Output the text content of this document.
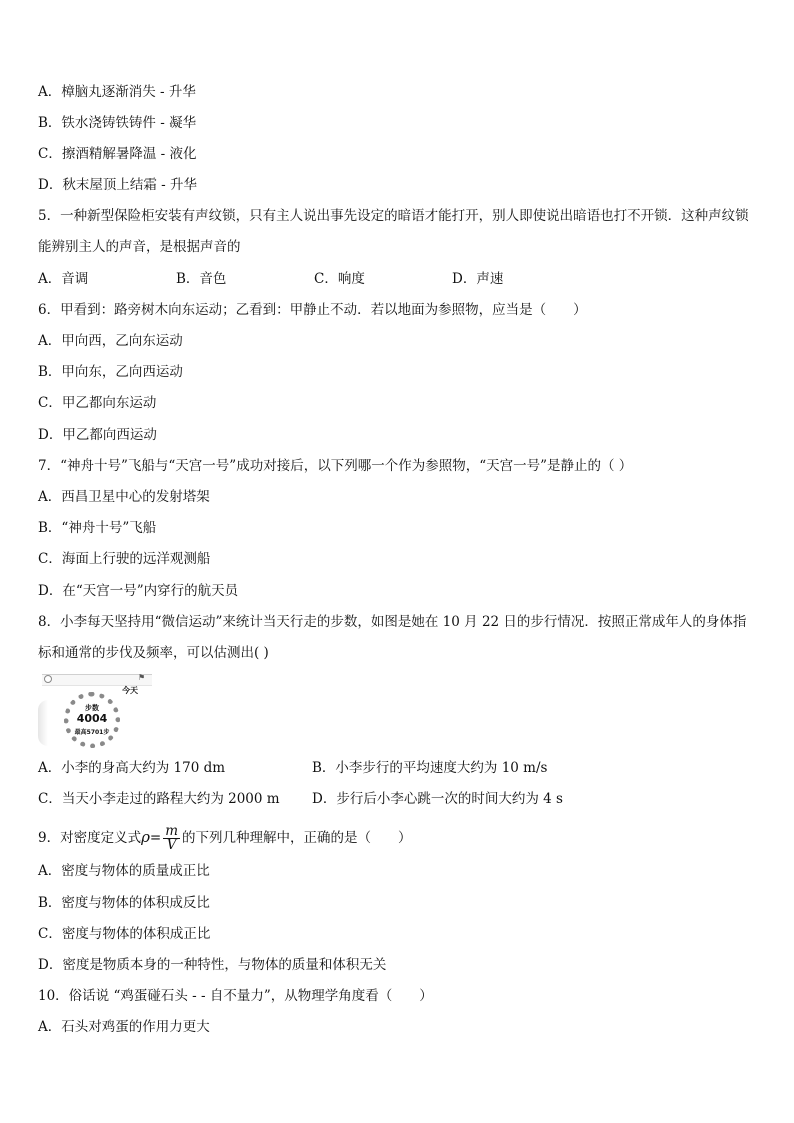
A．樟脑丸逐渐消失 - 升华
B．铁水浇铸铁铸件 - 凝华
C．擦酒精解暑降温 - 液化
D．秋末屋顶上结霜 - 升华
5．一种新型保险柜安装有声纹锁，只有主人说出事先设定的暗语才能打开，别人即使说出暗语也打不开锁．这种声纹锁能辨别主人的声音，是根据声音的
A．音调	B．音色	C．响度	D．声速
6．甲看到：路旁树木向东运动；乙看到：甲静止不动．若以地面为参照物，应当是（　　）
A．甲向西，乙向东运动
B．甲向东，乙向西运动
C．甲乙都向东运动
D．甲乙都向西运动
7．“神舟十号”飞船与“天宫一号”成功对接后，以下列哪一个作为参照物，“天宫一号”是静止的（ ）
A．西昌卫星中心的发射塔架
B．“神舟十号”飞船
C．海面上行驶的远洋观测船
D．在“天宫一号”内穿行的航天员
8．小李每天坚持用“微信运动”来统计当天行走的步数，如图是她在 10 月 22 日的步行情况．按照正常成年人的身体指标和通常的步伐及频率，可以估测出( )
⚑
今天
步数
4004
最高5701步
A．小李的身高大约为 170 dm	B．小李步行的平均速度大约为 10 m/s
C．当天小李走过的路程大约为 2000 m D．步行后小李心跳一次的时间大约为 4 s
9．对密度定义式$\rho= \frac{m}{V}$ 的下列几种理解中，正确的是（　　）
A．密度与物体的质量成正比
B．密度与物体的体积成反比
C．密度与物体的体积成正比
D．密度是物质本身的一种特性，与物体的质量和体积无关
10．俗话说 “鸡蛋碰石头 - - 自不量力”，从物理学角度看（　　）
A．石头对鸡蛋的作用力更大
